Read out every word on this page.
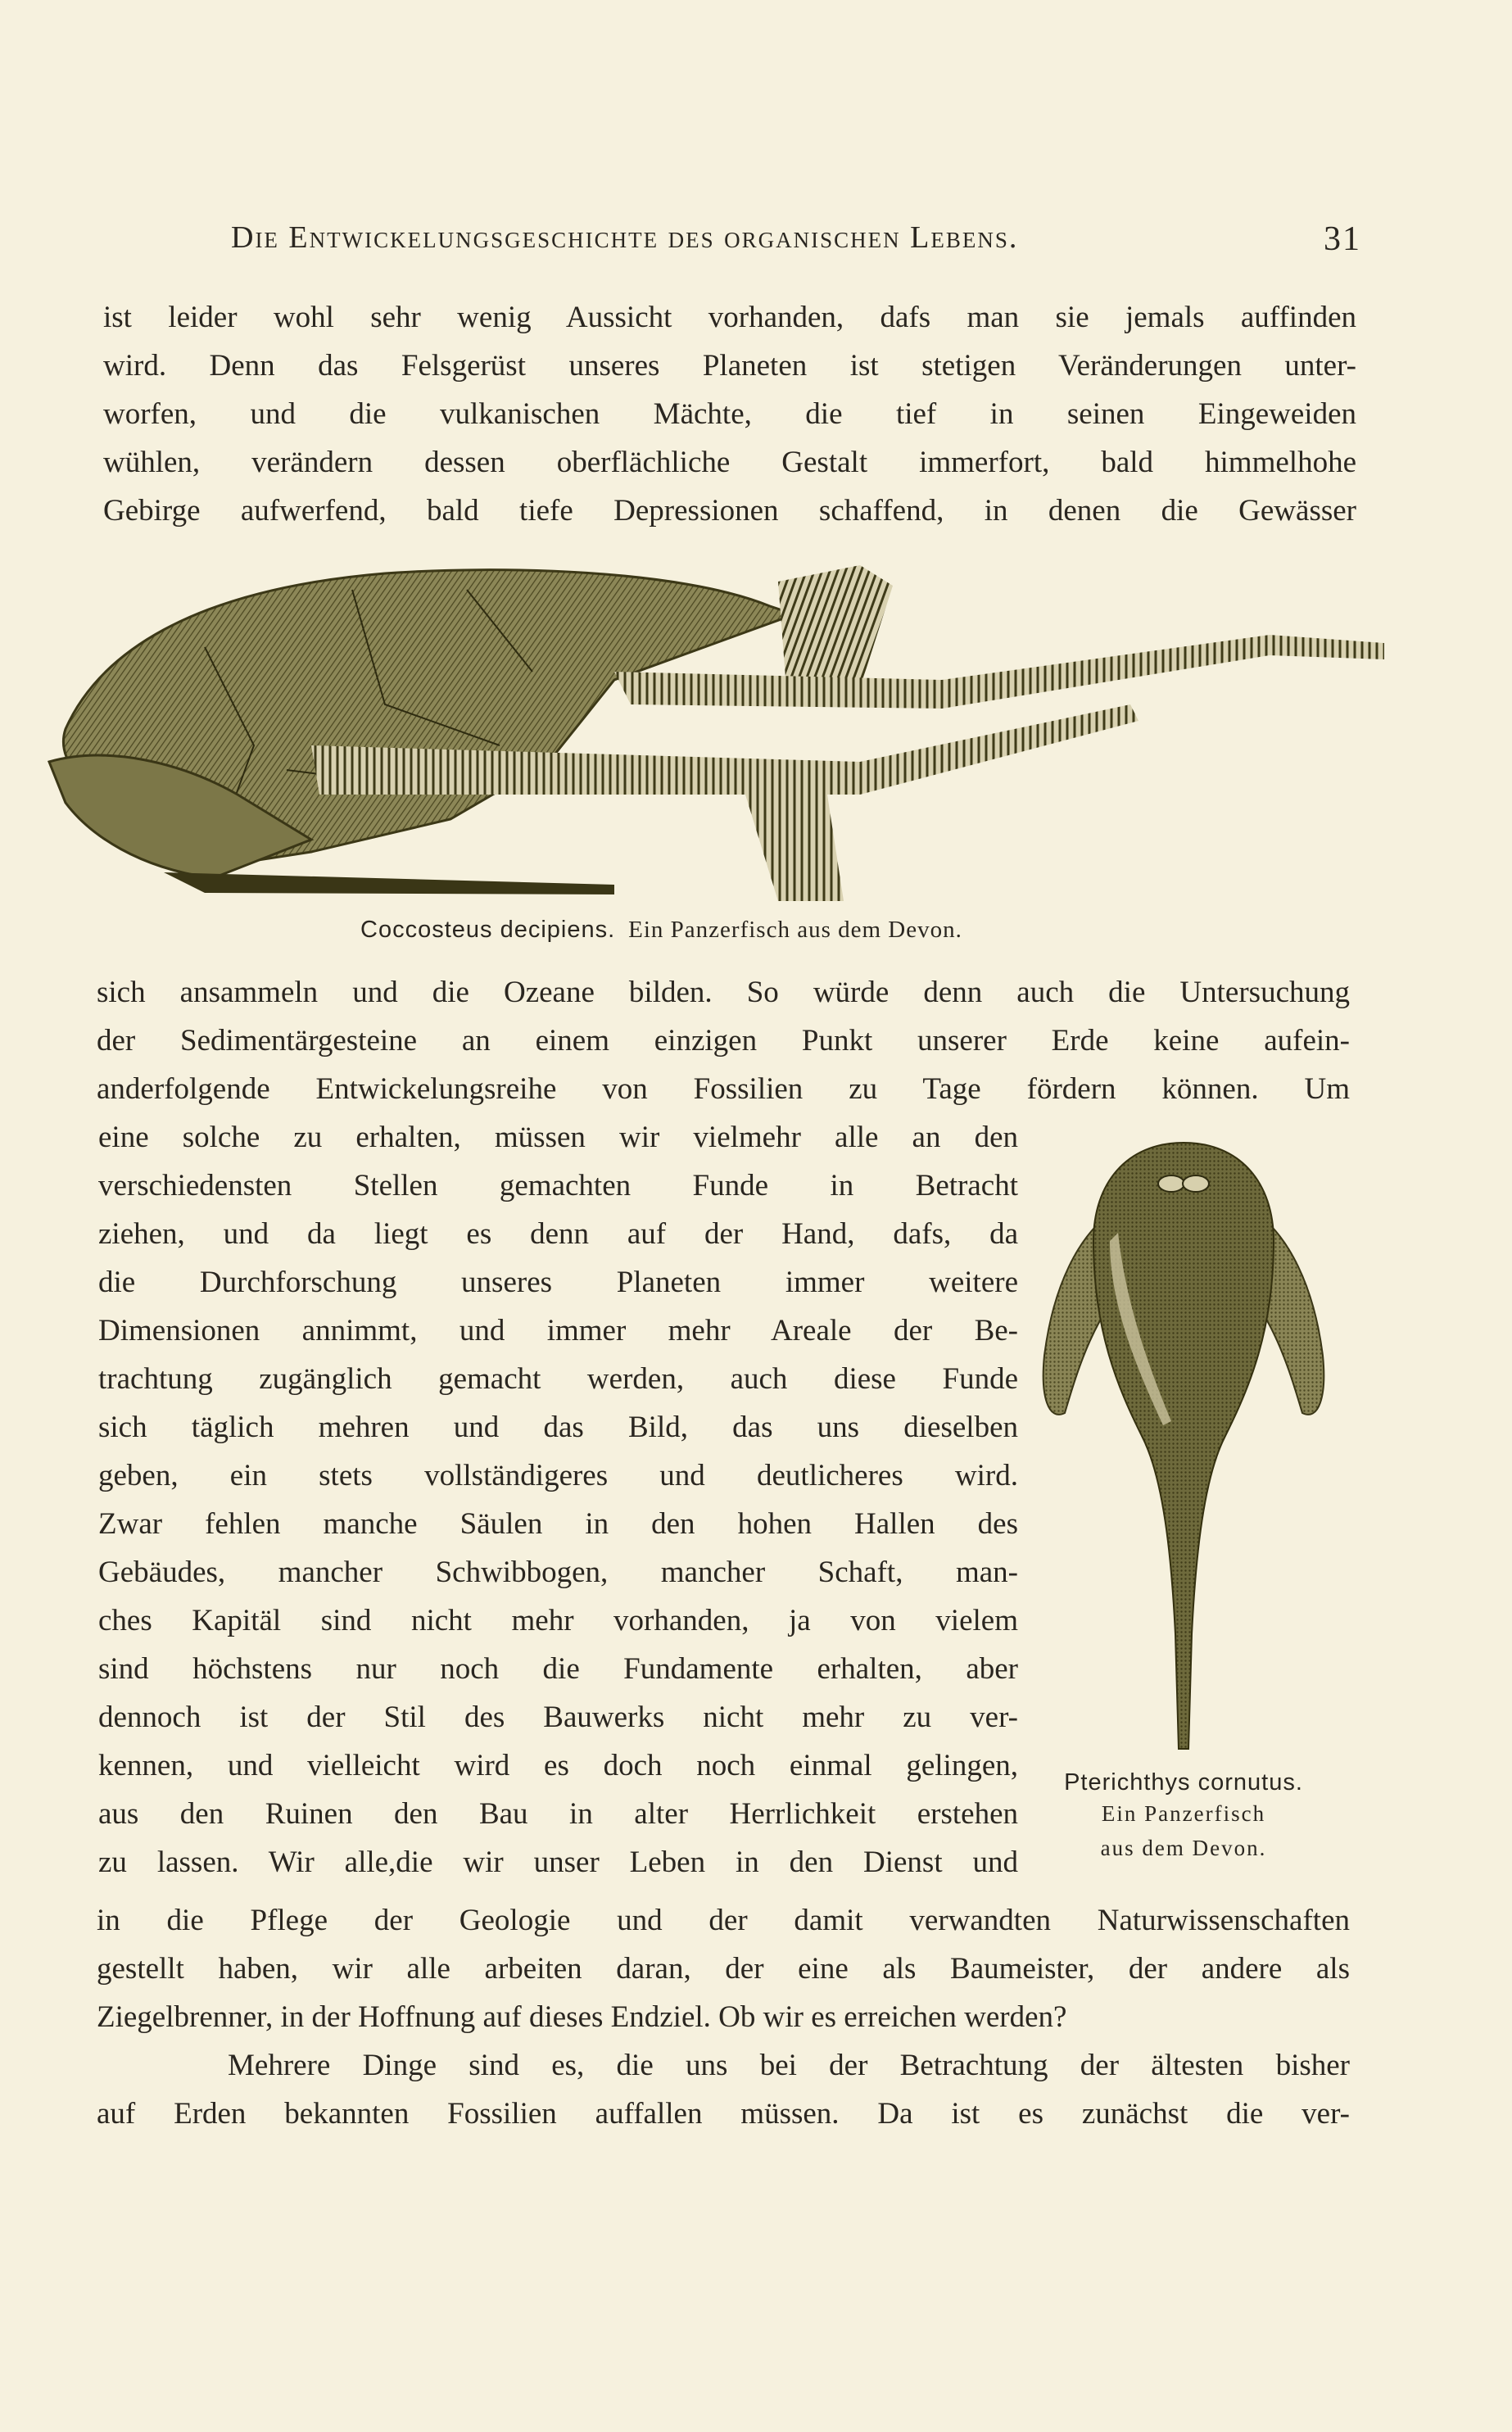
Die Entwickelungsgeschichte des organischen Lebens.	31
ist leider wohl sehr wenig Aussicht vorhanden, dafs man sie jemals auffinden
wird. Denn das Felsgerüst unseres Planeten ist stetigen Veränderungen unter-
worfen, und die vulkanischen Mächte, die tief in seinen Eingeweiden
wühlen, verändern dessen oberflächliche Gestalt immerfort, bald himmelhohe
Gebirge aufwerfend, bald tiefe Depressionen schaffend, in denen die Gewässer
Coccosteus decipiens. Ein Panzerfisch aus dem Devon.
sich ansammeln und die Ozeane bilden. So würde denn auch die Untersuchung
der Sedimentärgesteine an einem einzigen Punkt unserer Erde keine aufein-
anderfolgende Entwickelungsreihe von Fossilien zu Tage fördern können. Um
eine solche zu erhalten, müssen wir vielmehr alle an den
verschiedensten Stellen gemachten Funde in Betracht
ziehen, und da liegt es denn auf der Hand, dafs, da
die Durchforschung unseres Planeten immer weitere
Dimensionen annimmt, und immer mehr Areale der Be-
trachtung zugänglich gemacht werden, auch diese Funde
sich täglich mehren und das Bild, das uns dieselben
geben, ein stets vollständigeres und deutlicheres wird.
Zwar fehlen manche Säulen in den hohen Hallen des
Gebäudes, mancher Schwibbogen, mancher Schaft, man-
ches Kapitäl sind nicht mehr vorhanden, ja von vielem
sind höchstens nur noch die Fundamente erhalten, aber
dennoch ist der Stil des Bauwerks nicht mehr zu ver-
kennen, und vielleicht wird es doch noch einmal gelingen,
aus den Ruinen den Bau in alter Herrlichkeit erstehen
zu lassen. Wir alle,die wir unser Leben in den Dienst und
Pterichthys cornutus.
Ein Panzerfisch
aus dem Devon.
in die Pflege der Geologie und der damit verwandten Naturwissenschaften
gestellt haben, wir alle arbeiten daran, der eine als Baumeister, der andere als
Ziegelbrenner, in der Hoffnung auf dieses Endziel. Ob wir es erreichen werden?
Mehrere Dinge sind es, die uns bei der Betrachtung der ältesten bisher
auf Erden bekannten Fossilien auffallen müssen. Da ist es zunächst die ver-
